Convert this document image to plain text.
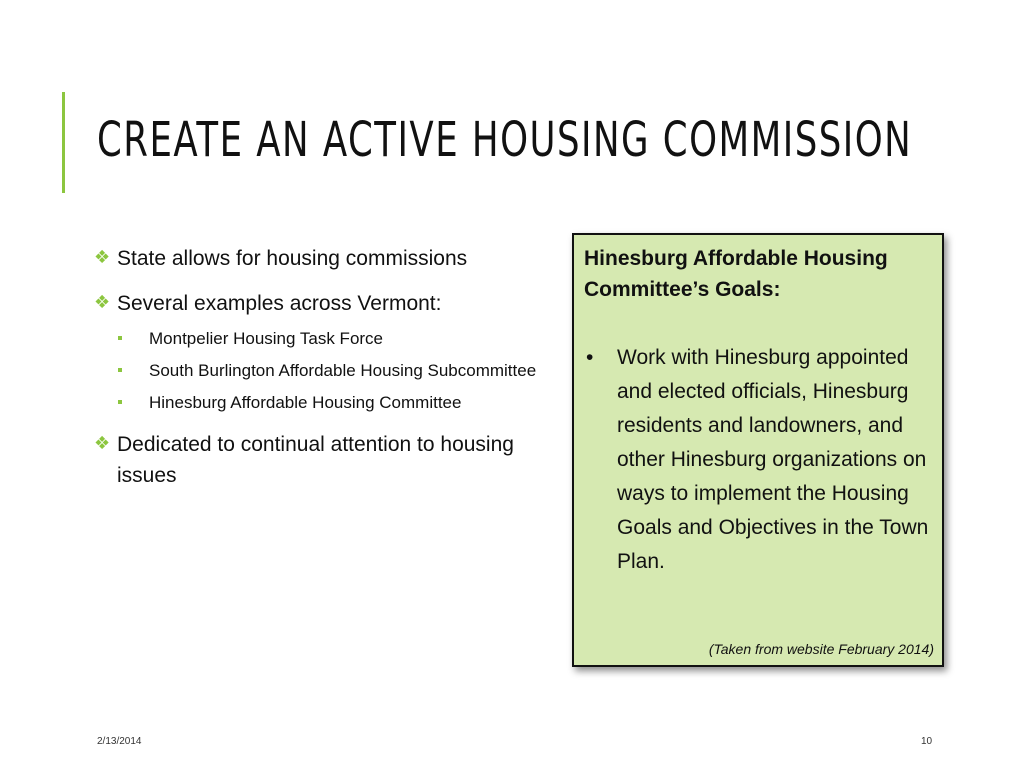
CREATE AN ACTIVE HOUSING COMMISSION
❖ State allows for housing commissions
❖ Several examples across Vermont:
Montpelier Housing Task Force
South Burlington Affordable Housing Subcommittee
Hinesburg Affordable Housing Committee
❖ Dedicated to continual attention to housing issues
Hinesburg Affordable Housing Committee’s Goals:
• Work with Hinesburg appointed and elected officials, Hinesburg residents and landowners, and other Hinesburg organizations on ways to implement the Housing Goals and Objectives in the Town Plan.
(Taken from website February 2014)
2/13/2014	10
